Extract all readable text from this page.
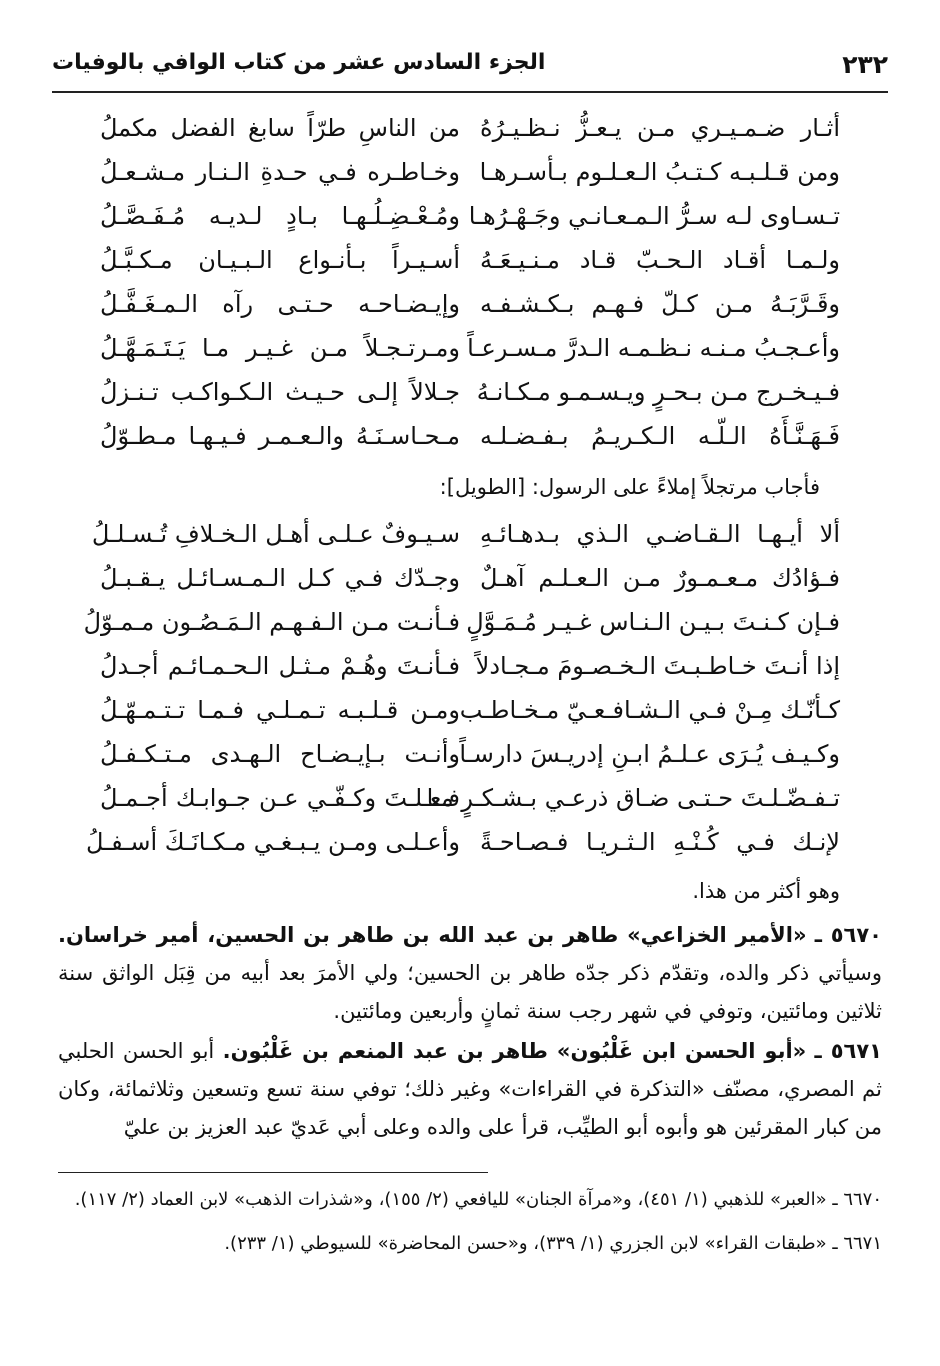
٢٣٢
الجزء السادس عشر من كتاب الوافي بالوفيات
أثـار ضـمـيـري مـن يـعـزُّ نـظـيـرُهُ
من الناسِ طرّاً سابغ الفضل مكملُ
ومن قـلـبـه كـتـبُ الـعـلـوم بـأسـرهـا
وخـاطـره فـي حـدةِ الـنـار مـشـعـلُ
تـسـاوى لـه سـرُّ الـمـعـانـي وجَـهْـرُهـا
ومُـعْـضِـلُـهـا بـادٍ لـديـه مُـفَـصَّـلُ
ولـمـا أقـاد الـحـبّ قـاد مـنـيـعَـهُ
أسـيـراً بـأنـواع الـبـيـان مـكـبَّـلُ
وقَـرَّبَـهُ مـن كـلّ فـهـم بـكـشـفـه
وإيـضـاحـه حـتـى رآه الـمـغَـفَّـلُ
وأعـجـبُ مـنـه نـظـمـه الـدرَّ مـسـرعـاً
ومـرتـجـلاً مـن غـيـر مـا يَـتَـمَـهَّـلُ
فـيـخـرج مـن بـحـرٍ ويـسـمـو مـكـانـهُ
جـلالاً إلـى حـيـث الـكـواكـب تـنـزلُ
فَـهَـنَّـأَهُ الـلّـه الـكـريـمُ بـفـضـلـه
مـحـاسـنَـهُ والـعـمـر فـيـهـا مـطـوّلُ
فأجاب مرتجلاً إملاءً على الرسول: [الطويل]:
ألا أيـهـا الـقـاضـي الـذي بـدهـائـهِ
سـيـوفٌ عـلـى أهـل الـخـلافِ تُـسـلـلُ
فـؤادُك مـعـمـورٌ مـن الـعـلـم آهـلٌ
وجـدّك فـي كـل الـمـسـائـل يـقـبـلُ
فـإن كـنـتَ بـيـن الـنـاس غـيـر مُـمَـوَّلٍ
فـأنـت مـن الـفـهـم الـمَـصُـون مـمـوّلُ
إذا أنـتَ خـاطـبـتَ الـخـصـومَ مـجـادلاً
فـأنـتَ وهُـمْ مـثـل الـحـمـائـم أجـدلُ
كـأنّـك مِـنْ فـي الـشـافـعـيّ مـخـاطـب
ومـن قـلـبـه تـمـلـي فـمـا تـتـمـهّـلُ
وكـيـف يُـرَى عـلـمُ ابـنِ إدريـسَ دارسـاً
وأنـت بـإيـضـاح الـهـدى مـتـكـفـلُ
تـفـضّـلـتَ حـتـى ضـاق ذرعـي بـشـكـرٍ مـا
فـعـلـتَ وكـفّـي عـن جـوابـك أجـمـلُ
لإنـك فـي كُـنْـهِ الـثـريـا فـصـاحـةً
وأعـلـى ومـن يـبـغـي مـكـانَـكَ أسـفـلُ
وهو أكثر من هذا.

٥٦٧٠ ـ «الأمير الخزاعي» طاهر بن عبد الله بن طاهر بن الحسين، أمير خراسان. وسيأتي ذكر والده، وتقدّم ذكر جدّه طاهر بن الحسين؛ ولي الأمرَ بعد أبيه من قِبَل الواثق سنة ثلاثين ومائتين، وتوفي في شهر رجب سنة ثمانٍ وأربعين ومائتين.

٥٦٧١ ـ «أبو الحسن ابن غَلْبُون» طاهر بن عبد المنعم بن غَلْبُون. أبو الحسن الحلبي ثم المصري، مصنّف «التذكرة في القراءات» وغير ذلك؛ توفي سنة تسع وتسعين وثلاثمائة، وكان من كبار المقرئين هو وأبوه أبو الطيِّب، قرأ على والده وعلى أبي عَديّ عبد العزيز بن عليّ

٦٦٧٠ ـ «العبر» للذهبي (١/ ٤٥١)، و«مرآة الجنان» لليافعي (٢/ ١٥٥)، و«شذرات الذهب» لابن العماد (٢/ ١١٧).

٦٦٧١ ـ «طبقات القراء» لابن الجزري (١/ ٣٣٩)، و«حسن المحاضرة» للسيوطي (١/ ٢٣٣).
